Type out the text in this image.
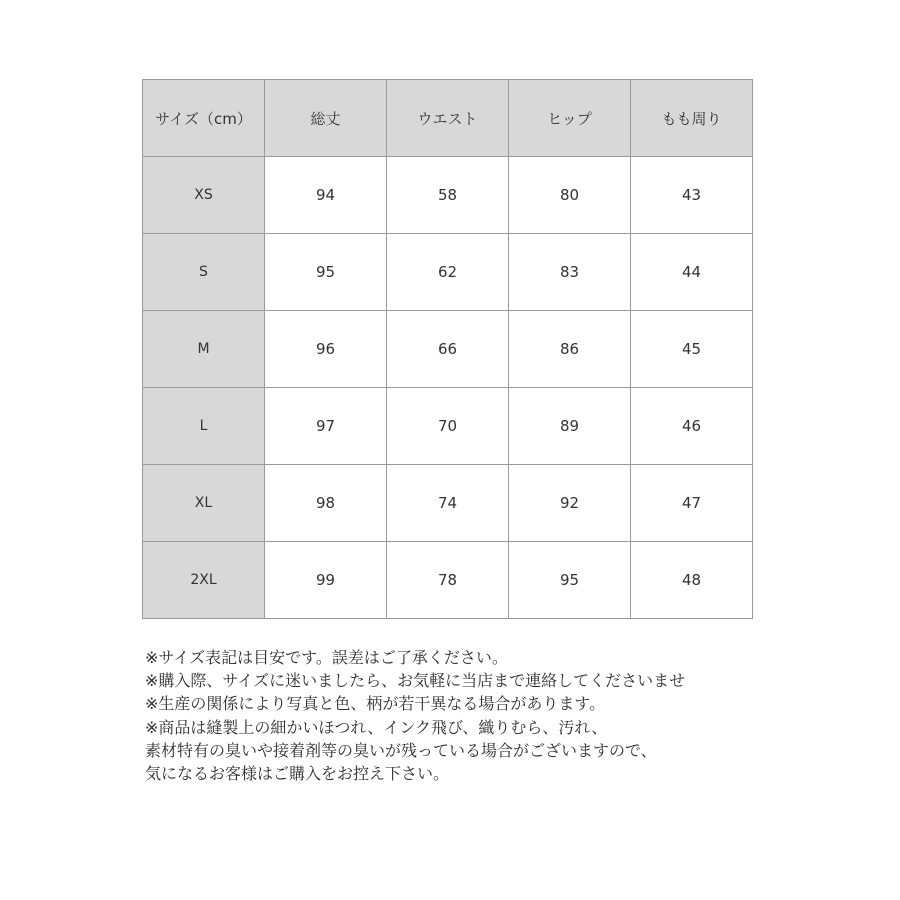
サイズ（cm）	総丈	ウエスト	ヒップ	もも周り
XS	94	58	80	43
S	95	62	83	44
M	96	66	86	45
L	97	70	89	46
XL	98	74	92	47
2XL	99	78	95	48
※サイズ表記は目安です。誤差はご了承ください。
※購入際、サイズに迷いましたら、お気軽に当店まで連絡してくださいませ
※生産の関係により写真と色、柄が若干異なる場合があります。
※商品は縫製上の細かいほつれ、インク飛び、織りむら、汚れ、
素材特有の臭いや接着剤等の臭いが残っている場合がございますので、
気になるお客様はご購入をお控え下さい。
